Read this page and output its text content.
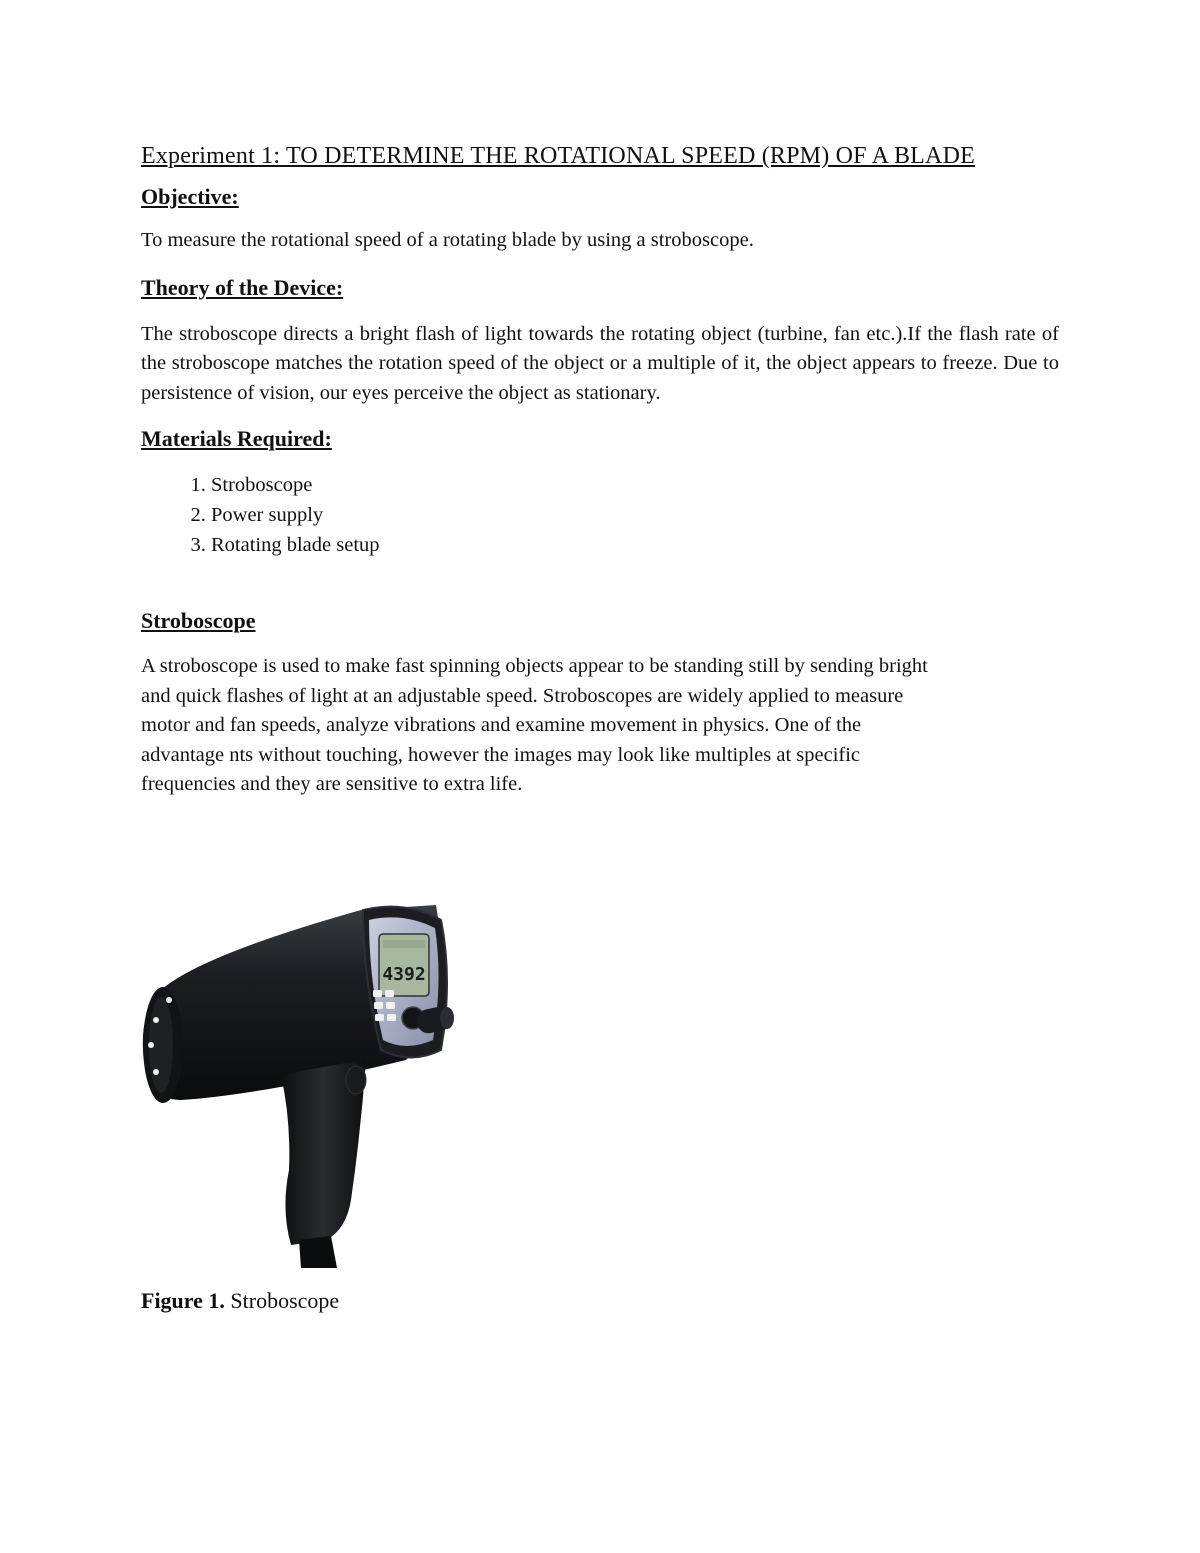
Experiment 1: TO DETERMINE THE ROTATIONAL SPEED (RPM) OF A BLADE
Objective:

To measure the rotational speed of a rotating blade by using a stroboscope.

Theory of the Device:

The stroboscope directs a bright flash of light towards the rotating object (turbine, fan etc.).If the flash rate of the stroboscope matches the rotation speed of the object or a multiple of it, the object appears to freeze. Due to persistence of vision, our eyes perceive the object as stationary.

Materials Required:
1. Stroboscope
2. Power supply
3. Rotating blade setup
Stroboscope

A stroboscope is used to make fast spinning objects appear to be standing still by sending bright
and quick flashes of light at an adjustable speed. Stroboscopes are widely applied to measure
motor and fan speeds, analyze vibrations and examine movement in physics. One of the
advantage nts without touching, however the images may look like multiples at specific
frequencies and they are sensitive to extra life.

4392
Figure 1. Stroboscope
